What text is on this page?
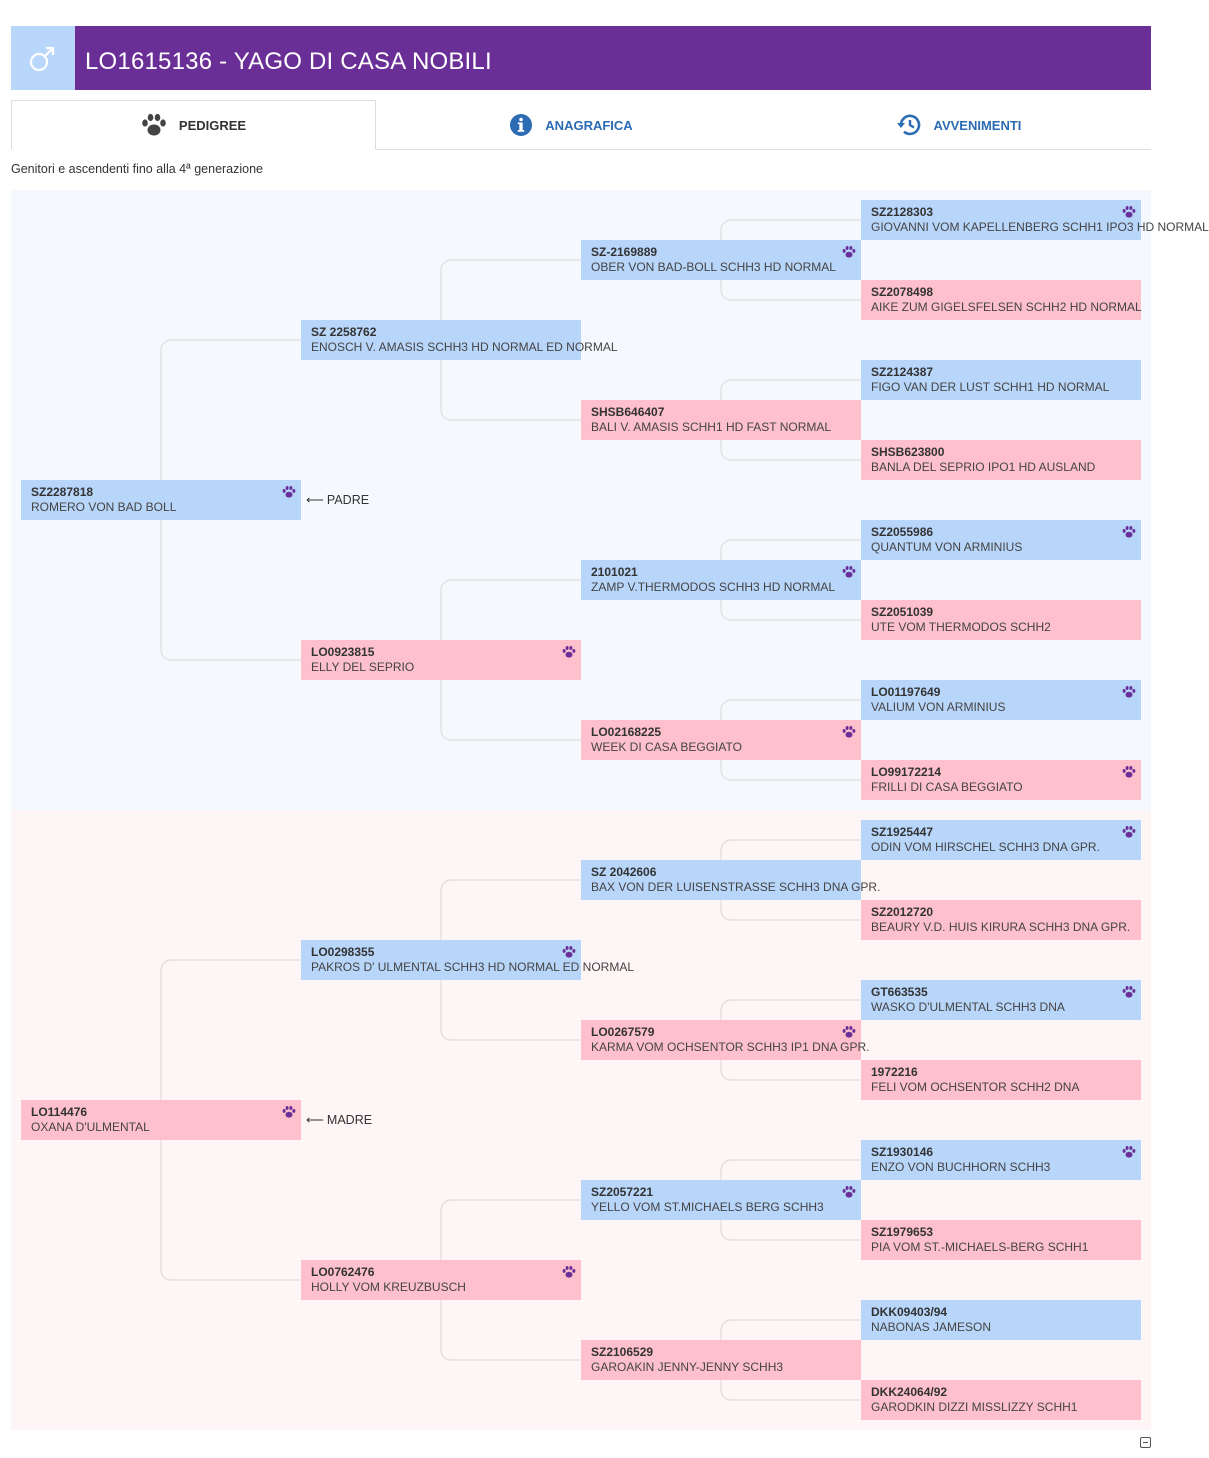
LO1615136 - YAGO DI CASA NOBILI
PEDIGREE	ANAGRAFICA	AVVENIMENTI
Genitori e ascendenti fino alla 4ª generazione
SZ2287818
ROMERO VON BAD BOLL	⟵ PADRE
LO114476
OXANA D'ULMENTAL	⟵ MADRE
SZ 2258762
ENOSCH V. AMASIS SCHH3 HD NORMAL ED NORMAL
LO0923815
ELLY DEL SEPRIO
LO0298355
PAKROS D' ULMENTAL SCHH3 HD NORMAL ED NORMAL
LO0762476
HOLLY VOM KREUZBUSCH
SZ-2169889
OBER VON BAD-BOLL SCHH3 HD NORMAL
SHSB646407
BALI V. AMASIS SCHH1 HD FAST NORMAL
2101021
ZAMP V.THERMODOS SCHH3 HD NORMAL
LO02168225
WEEK DI CASA BEGGIATO
SZ 2042606
BAX VON DER LUISENSTRASSE SCHH3 DNA GPR.
LO0267579
KARMA VOM OCHSENTOR SCHH3 IP1 DNA GPR.
SZ2057221
YELLO VOM ST.MICHAELS BERG SCHH3
SZ2106529
GAROAKIN JENNY-JENNY SCHH3
SZ2128303
GIOVANNI VOM KAPELLENBERG SCHH1 IPO3 HD NORMAL
SZ2078498
AIKE ZUM GIGELSFELSEN SCHH2 HD NORMAL
SZ2124387
FIGO VAN DER LUST SCHH1 HD NORMAL
SHSB623800
BANLA DEL SEPRIO IPO1 HD AUSLAND
SZ2055986
QUANTUM VON ARMINIUS
SZ2051039
UTE VOM THERMODOS SCHH2
LO01197649
VALIUM VON ARMINIUS
LO99172214
FRILLI DI CASA BEGGIATO
SZ1925447
ODIN VOM HIRSCHEL SCHH3 DNA GPR.
SZ2012720
BEAURY V.D. HUIS KIRURA SCHH3 DNA GPR.
GT663535
WASKO D'ULMENTAL SCHH3 DNA
1972216
FELI VOM OCHSENTOR SCHH2 DNA
SZ1930146
ENZO VON BUCHHORN SCHH3
SZ1979653
PIA VOM ST.-MICHAELS-BERG SCHH1
DKK09403/94
NABONAS JAMESON
DKK24064/92
GARODKIN DIZZI MISSLIZZY SCHH1
